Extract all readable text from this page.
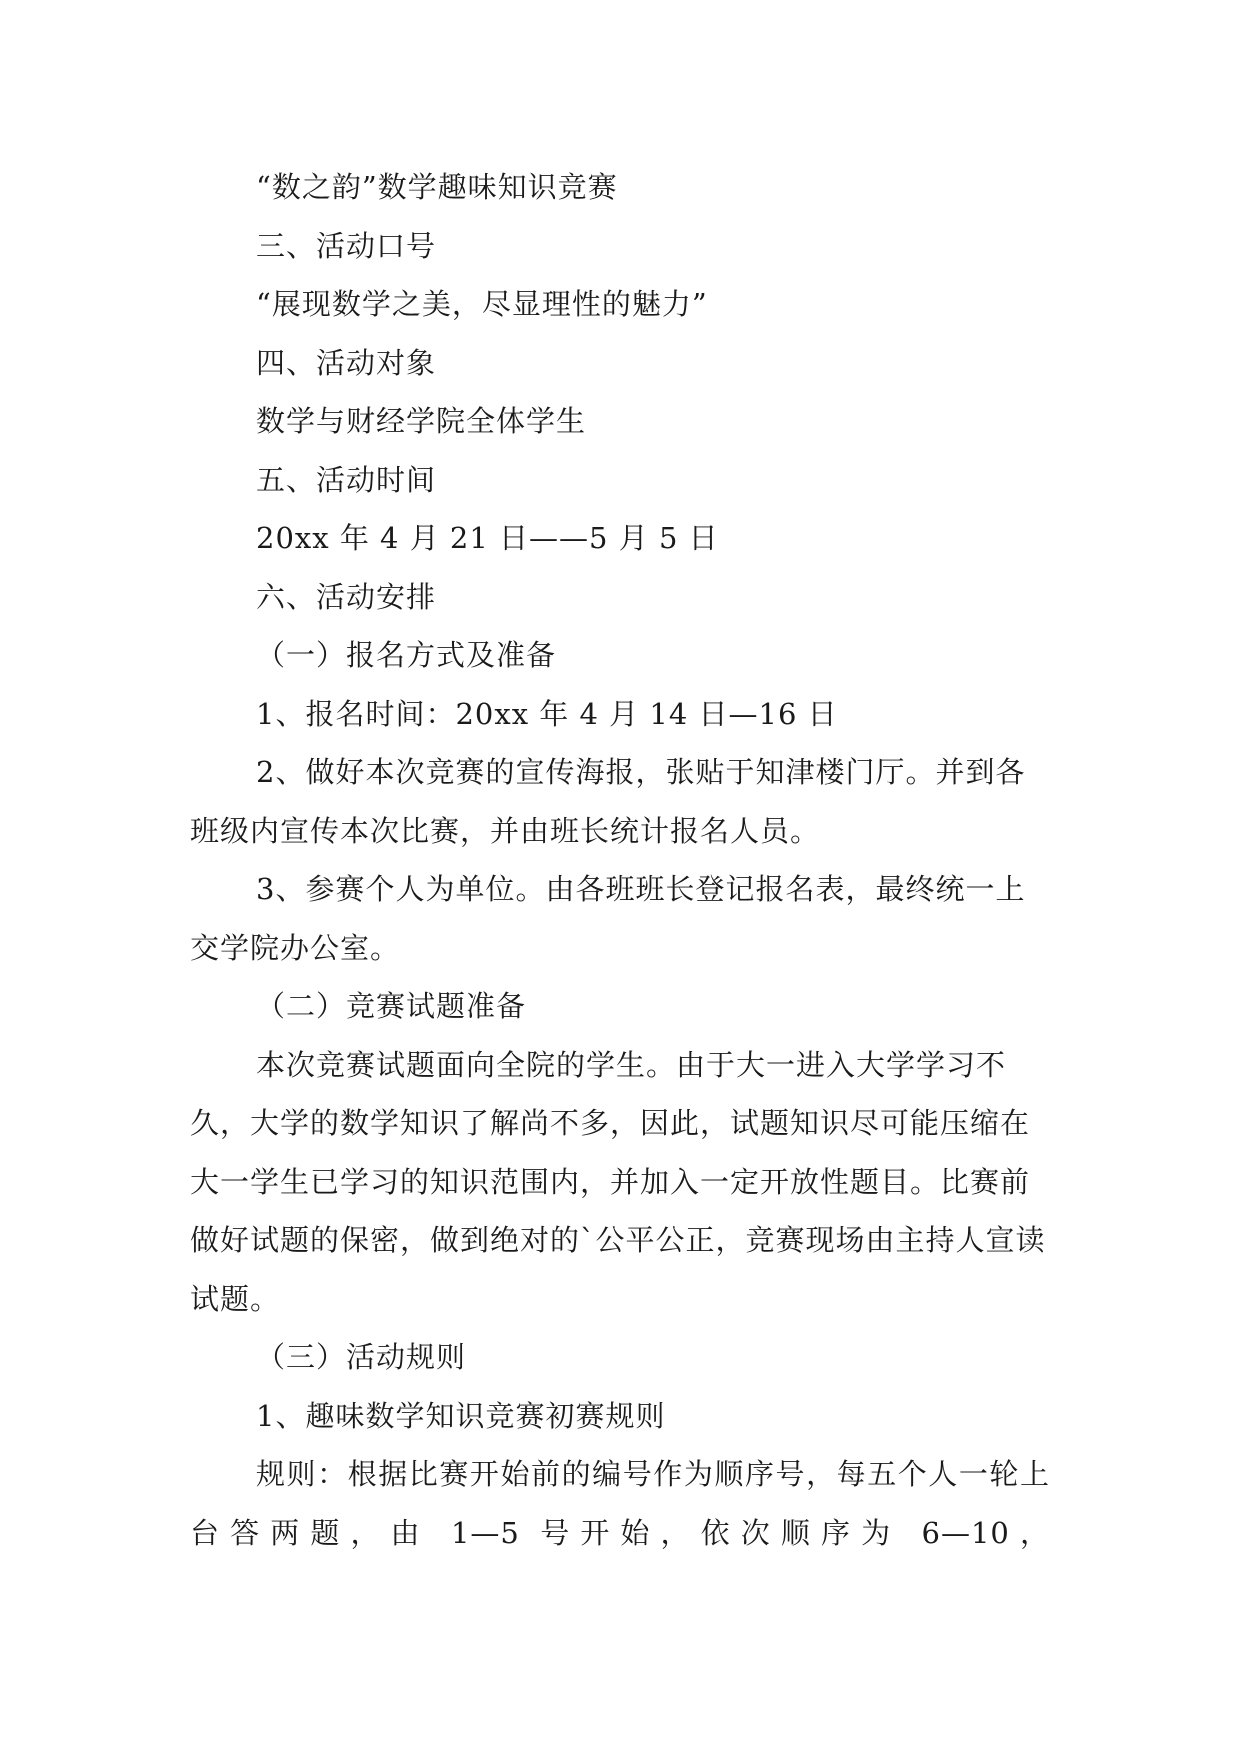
“数之韵”数学趣味知识竞赛

三、活动口号

“展现数学之美，尽显理性的魅力”

四、活动对象

数学与财经学院全体学生

五、活动时间

20xx 年 4 月 21 日——5 月 5 日

六、活动安排

（一）报名方式及准备

1、报名时间：20xx 年 4 月 14 日—16 日

2、做好本次竞赛的宣传海报，张贴于知津楼门厅。并到各班级内宣传本次比赛，并由班长统计报名人员。

3、参赛个人为单位。由各班班长登记报名表，最终统一上交学院办公室。

（二）竞赛试题准备

本次竞赛试题面向全院的学生。由于大一进入大学学习不久，大学的数学知识了解尚不多，因此，试题知识尽可能压缩在大一学生已学习的知识范围内，并加入一定开放性题目。比赛前做好试题的保密，做到绝对的`公平公正，竞赛现场由主持人宣读试题。

（三）活动规则

1、趣味数学知识竞赛初赛规则

规则：根据比赛开始前的编号作为顺序号，每五个人一轮上台答两题，由 1—5 号开始，依次顺序为 6—10，
